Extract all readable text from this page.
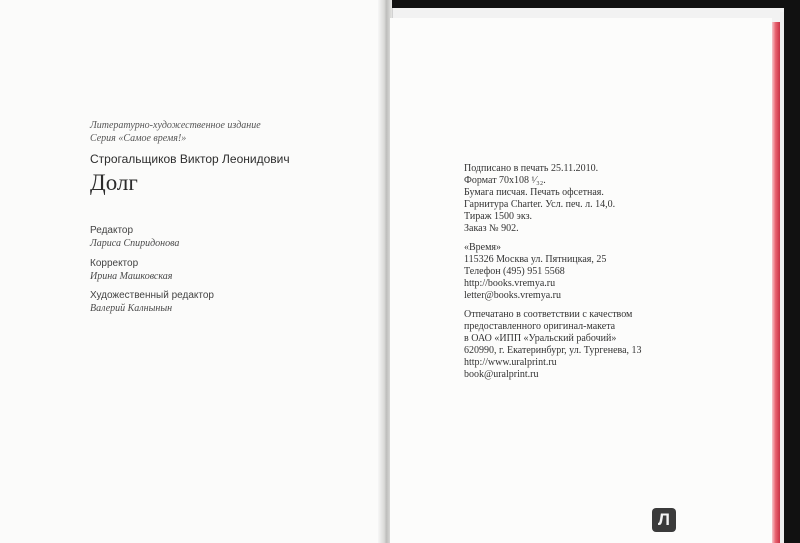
Литературно-художественное издание
Серия «Самое время!»
Строгальщиков Виктор Леонидович
Долг
Редактор
Лариса Спиридонова
Корректор
Ирина Машковская
Художественный редактор
Валерий Калнынын
Подписано в печать 25.11.2010.
Формат 70x108 ¹⁄₃₂.
Бумага писчая. Печать офсетная.
Гарнитура Charter. Усл. печ. л. 14,0.
Тираж 1500 экз.
Заказ № 902.
«Время»
115326 Москва ул. Пятницкая, 25
Телефон (495) 951 5568
http://books.vremya.ru
letter@books.vremya.ru
Отпечатано в соответствии с качеством
предоставленного оригинал-макета
в ОАО «ИПП «Уральский рабочий»
620990, г. Екатеринбург, ул. Тургенева, 13
http://www.uralprint.ru
book@uralprint.ru
Л
